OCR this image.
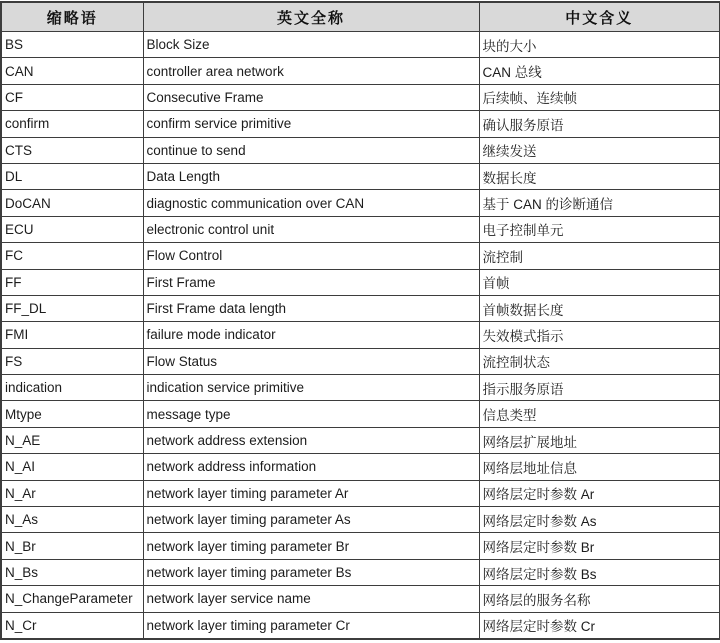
缩略语	英文全称	中文含义
BS	Block Size	块的大小
CAN	controller area network	CAN 总线
CF	Consecutive Frame	后续帧、连续帧
confirm	confirm service primitive	确认服务原语
CTS	continue to send	继续发送
DL	Data Length	数据长度
DoCAN	diagnostic communication over CAN	基于 CAN 的诊断通信
ECU	electronic control unit	电子控制单元
FC	Flow Control	流控制
FF	First Frame	首帧
FF_DL	First Frame data length	首帧数据长度
FMI	failure mode indicator	失效模式指示
FS	Flow Status	流控制状态
indication	indication service primitive	指示服务原语
Mtype	message type	信息类型
N_AE	network address extension	网络层扩展地址
N_AI	network address information	网络层地址信息
N_Ar	network layer timing parameter Ar	网络层定时参数 Ar
N_As	network layer timing parameter As	网络层定时参数 As
N_Br	network layer timing parameter Br	网络层定时参数 Br
N_Bs	network layer timing parameter Bs	网络层定时参数 Bs
N_ChangeParameter	network layer service name	网络层的服务名称
N_Cr	network layer timing parameter Cr	网络层定时参数 Cr
